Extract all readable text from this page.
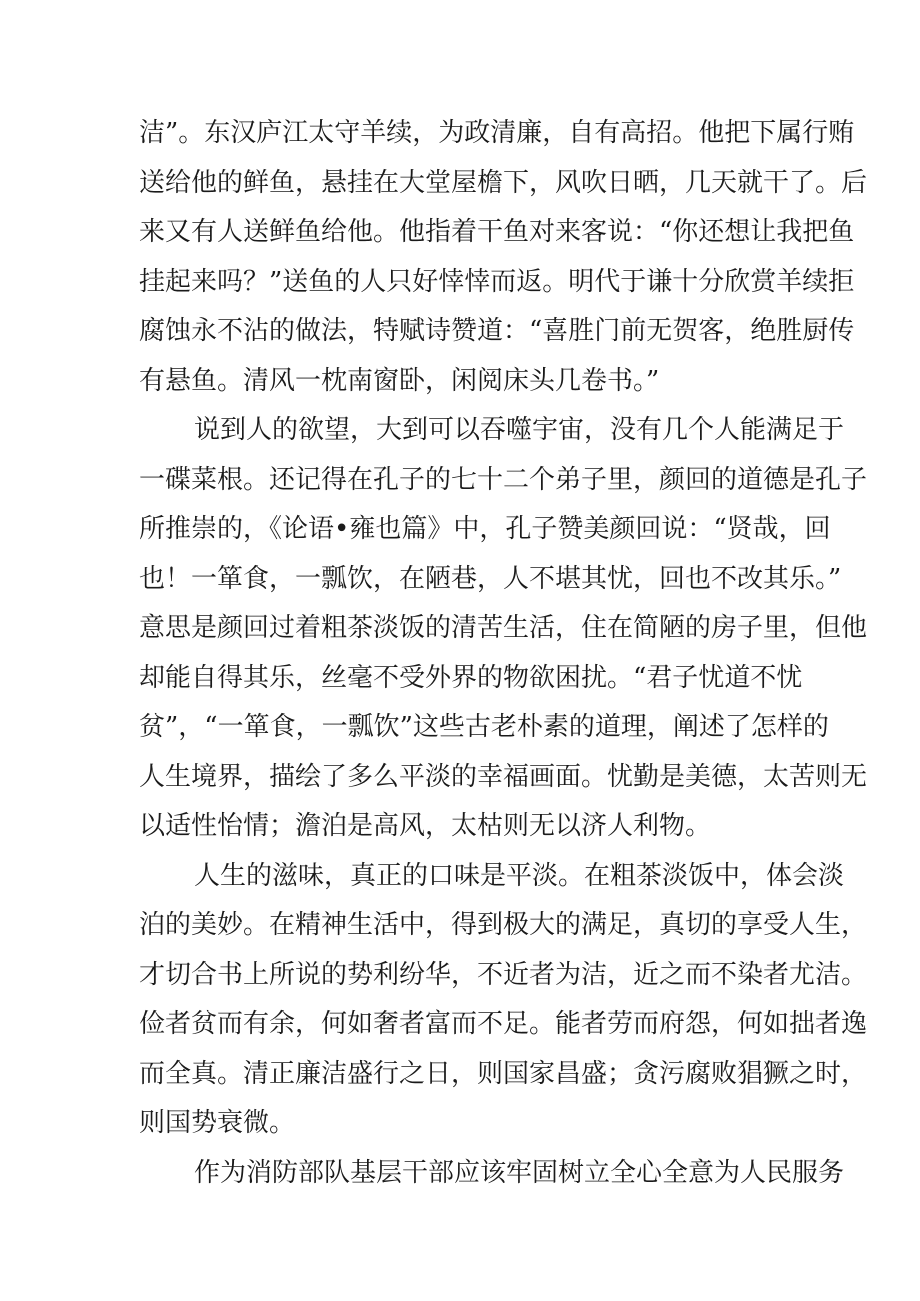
洁”。东汉庐江太守羊续，为政清廉，自有高招。他把下属行贿
送给他的鲜鱼，悬挂在大堂屋檐下，风吹日晒，几天就干了。后
来又有人送鲜鱼给他。他指着干鱼对来客说：“你还想让我把鱼
挂起来吗？”送鱼的人只好悻悻而返。明代于谦十分欣赏羊续拒
腐蚀永不沾的做法，特赋诗赞道：“喜胜门前无贺客，绝胜厨传
有悬鱼。清风一枕南窗卧，闲阅床头几卷书。”
说到人的欲望，大到可以吞噬宇宙，没有几个人能满足于
一碟菜根。还记得在孔子的七十二个弟子里，颜回的道德是孔子
所推崇的，《论语•雍也篇》中，孔子赞美颜回说：“贤哉，回
也！一箪食，一瓢饮，在陋巷，人不堪其忧，回也不改其乐。”
意思是颜回过着粗茶淡饭的清苦生活，住在简陋的房子里，但他
却能自得其乐，丝毫不受外界的物欲困扰。“君子忧道不忧
贫”，“一箪食，一瓢饮”这些古老朴素的道理，阐述了怎样的
人生境界，描绘了多么平淡的幸福画面。忧勤是美德，太苦则无
以适性怡情；澹泊是高风，太枯则无以济人利物。
人生的滋味，真正的口味是平淡。在粗茶淡饭中，体会淡
泊的美妙。在精神生活中，得到极大的满足，真切的享受人生，
才切合书上所说的势利纷华，不近者为洁，近之而不染者尤洁。
俭者贫而有余，何如奢者富而不足。能者劳而府怨，何如拙者逸
而全真。清正廉洁盛行之日，则国家昌盛；贪污腐败猖獗之时，
则国势衰微。
作为消防部队基层干部应该牢固树立全心全意为人民服务
